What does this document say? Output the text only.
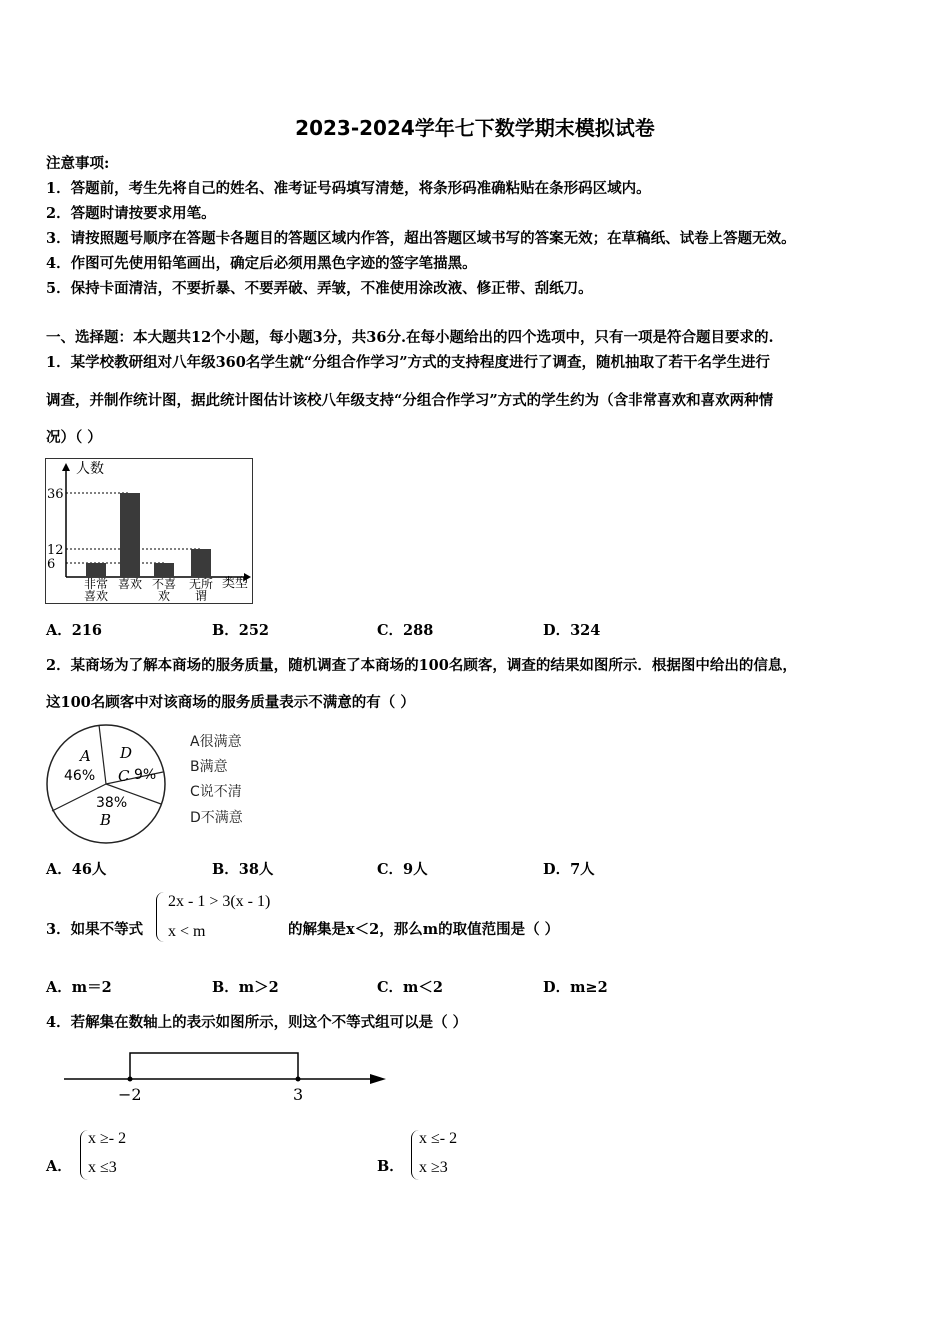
2023-2024学年七下数学期末模拟试卷
注意事项:
1．答题前，考生先将自己的姓名、准考证号码填写清楚，将条形码准确粘贴在条形码区域内。
2．答题时请按要求用笔。
3．请按照题号顺序在答题卡各题目的答题区域内作答，超出答题区域书写的答案无效；在草稿纸、试卷上答题无效。
4．作图可先使用铅笔画出，确定后必须用黑色字迹的签字笔描黑。
5．保持卡面清洁，不要折暴、不要弄破、弄皱，不准使用涂改液、修正带、刮纸刀。
一、选择题：本大题共12个小题，每小题3分，共36分.在每小题给出的四个选项中，只有一项是符合题目要求的.
1．某学校教研组对八年级360名学生就“分组合作学习”方式的支持程度进行了调查，随机抽取了若干名学生进行
调查，并制作统计图，据此统计图估计该校八年级支持“分组合作学习”方式的学生约为（含非常喜欢和喜欢两种情
况）（ ）
人数
类型
36
12
6
非常
喜欢
喜欢 不喜
欢
无所
谓
A．216	B．252	C．288	D．324
2．某商场为了解本商场的服务质量，随机调查了本商场的100名顾客，调查的结果如图所示．根据图中给出的信息，
这100名顾客中对该商场的服务质量表示不满意的有（ ）
A
46%
D
C 9%
38%
B
A很满意
B满意
C说不清
D不满意
A．46人	B．38人	C．9人	D．7人
3．如果不等式
2x - 1 > 3(x - 1)
x < m	的解集是x＜2，那么m的取值范围是（ ）
A．m＝2	B．m＞2	C．m＜2	D．m≥2
4．若解集在数轴上的表示如图所示，则这个不等式组可以是（ ）
−2	3
A．
x ≥- 2
x ≤3	B．
x ≤- 2
x ≥3
